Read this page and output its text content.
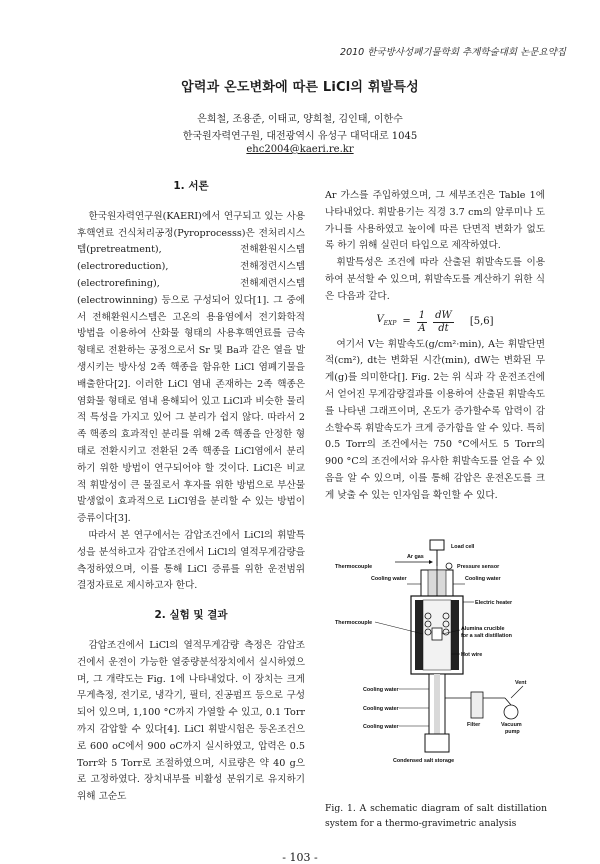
2010 한국방사성폐기물학회 추계학술대회 논문요약집
압력과 온도변화에 따른 LiCl의 휘발특성
은희철, 조용준, 이태교, 양희철, 김인태, 이한수
한국원자력연구원, 대전광역시 유성구 대덕대로 1045
ehc2004@kaeri.re.kr
1. 서론

한국원자력연구원(KAERI)에서 연구되고 있는 사용후핵연료 건식처리공정(Pyroprocesss)은 전처리시스템(pretreatment), 전해환원시스템(electroreduction), 전해정련시스템(electrorefining), 전해제련시스템(electrowinning) 등으로 구성되어 있다[1]. 그 중에서 전해환원시스템은 고온의 용융염에서 전기화학적 방법을 이용하여 산화물 형태의 사용후핵연료를 금속형태로 전환하는 공정으로서 Sr 및 Ba과 같은 열을 발생시키는 방사성 2족 핵종을 함유한 LiCl 염폐기물을 배출한다[2]. 이러한 LiCl 염내 존재하는 2족 핵종은 염화물 형태로 염내 용해되어 있고 LiCl과 비슷한 물리적 특성을 가지고 있어 그 분리가 쉽지 않다. 따라서 2족 핵종의 효과적인 분리를 위해 2족 핵종을 안정한 형태로 전환시키고 전환된 2족 핵종을 LiCl염에서 분리하기 위한 방법이 연구되어야 할 것이다. LiCl은 비교적 휘발성이 큰 물질로서 후자를 위한 방법으로 부산물 발생없이 효과적으로 LiCl염을 분리할 수 있는 방법이 증류이다[3].

따라서 본 연구에서는 감압조건에서 LiCl의 휘발특성을 분석하고자 감압조건에서 LiCl의 열적무게감량을 측정하였으며, 이를 통해 LiCl 증류를 위한 운전범위 결정자료로 제시하고자 한다.

2. 실험 및 결과

감압조건에서 LiCl의 열적무게감량 측정은 감압조건에서 운전이 가능한 열중량분석장치에서 실시하였으며, 그 개략도는 Fig. 1에 나타내었다. 이 장치는 크게 무게측정, 전기로, 냉각기, 필터, 진공펌프 등으로 구성되어 있으며, 1,100 °C까지 가열할 수 있고, 0.1 Torr까지 감압할 수 있다[4]. LiCl 휘발시험은 등온조건으로 600 oC에서 900 oC까지 실시하였고, 압력은 0.5 Torr와 5 Torr로 조절하였으며, 시료량은 약 40 g으로 고정하였다. 장치내부를 비활성 분위기로 유지하기 위해 고순도

Ar 가스를 주입하였으며, 그 세부조건은 Table 1에 나타내었다. 휘발용기는 직경 3.7 cm의 알루미나 도가니를 사용하였고 높이에 따른 단면적 변화가 없도록 하기 위해 실린더 타입으로 제작하였다.

휘발특성은 조건에 따라 산출된 휘발속도를 이용하여 분석할 수 있으며, 휘발속도를 계산하기 위한 식은 다음과 같다.

$V_{EXP} = \frac{1}{A} \frac{dW}{dt} [5,6]$

여기서 V는 휘발속도(g/cm²·min), A는 휘발단면적(cm²), dt는 변화된 시간(min), dW는 변화된 무게(g)를 의미한다[]. Fig. 2는 위 식과 각 운전조건에서 얻어진 무게감량결과를 이용하여 산출된 휘발속도를 나타낸 그래프이며, 온도가 증가할수록 압력이 감소할수록 휘발속도가 크게 증가함을 알 수 있다. 특히 0.5 Torr의 조건에서는 750 °C에서도 5 Torr의 900 °C의 조건에서와 유사한 휘발속도를 얻을 수 있음을 알 수 있으며, 이를 통해 감압은 운전온도를 크게 낮출 수 있는 인자임을 확인할 수 있다.

Load cell
Ar gas
Thermocouple	Pressure sensor
Cooling water	Cooling water
Electric heater
Thermocouple
Alumina crucible
for a salt distillation
Hot wire
Cooling water
Cooling water
Cooling water
Condensed salt storage
Filter	Vacuum
pump
Vent
Fig. 1. A schematic diagram of salt distillation system for a thermo-gravimetric analysis
- 103 -
